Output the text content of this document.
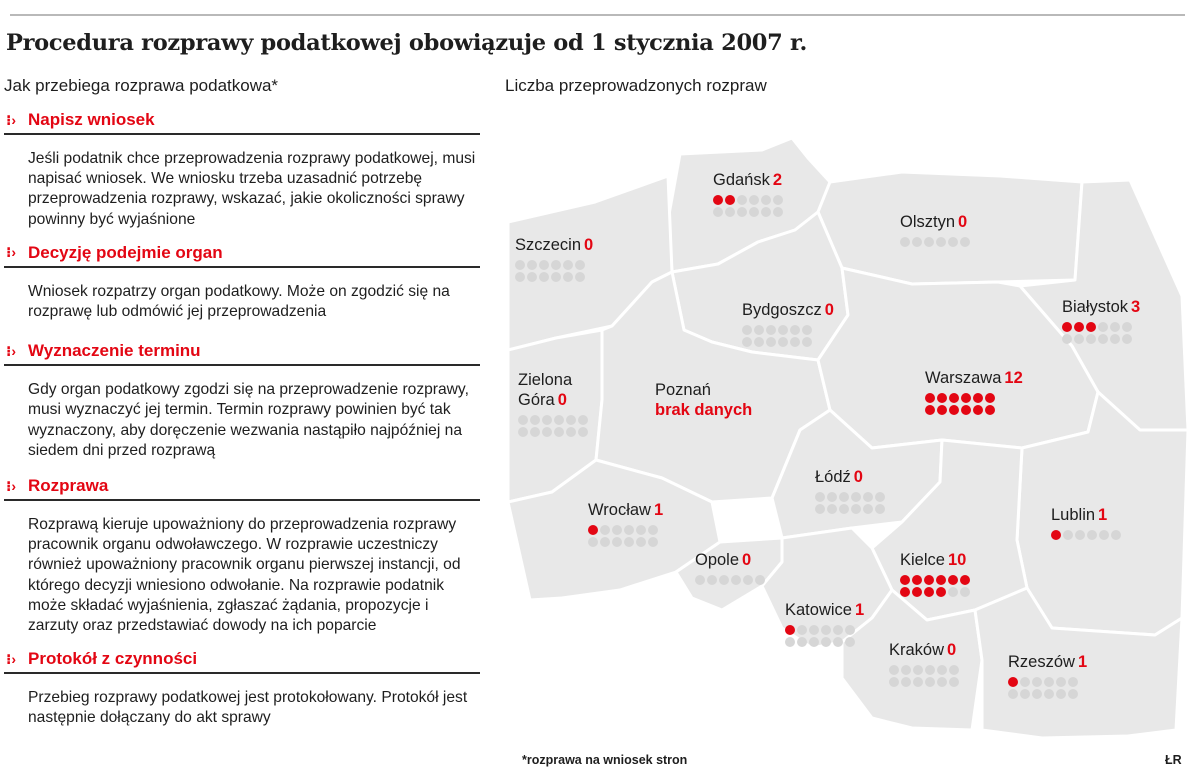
Procedura rozprawy podatkowej obowiązuje od 1 stycznia 2007 r.
Jak przebiega rozprawa podatkowa*	Liczba przeprowadzonych rozpraw
⁝› Napisz wniosek

Jeśli podatnik chce przeprowadzenia rozprawy podatkowej, musi napisać wniosek. We wniosku trzeba uzasadnić potrzebę przeprowadzenia rozprawy, wskazać, jakie okoliczności sprawy powinny być wyjaśnione

⁝› Decyzję podejmie organ

Wniosek rozpatrzy organ podatkowy. Może on zgodzić się na rozprawę lub odmówić jej przeprowadzenia

⁝› Wyznaczenie terminu

Gdy organ podatkowy zgodzi się na przeprowadzenie rozprawy, musi wyznaczyć jej termin. Termin rozprawy powinien być tak wyznaczony, aby doręczenie wezwania nastąpiło najpóźniej na siedem dni przed rozprawą

⁝› Rozprawa

Rozprawą kieruje upoważniony do przeprowadzenia rozprawy pracownik organu odwoławczego. W rozprawie uczestniczy również upoważniony pracownik organu pierwszej instancji, od którego decyzji wniesiono odwołanie. Na rozprawie podatnik może składać wyjaśnienia, zgłaszać żądania, propozycje i zarzuty oraz przedstawiać dowody na ich poparcie

⁝› Protokół z czynności

Przebieg rozprawy podatkowej jest protokołowany. Protokół jest następnie dołączany do akt sprawy

Gdańsk 2
Olsztyn 0
Szczecin 0
Bydgoszcz 0	Białystok 3
Zielona
Góra 0
Poznań
brak danych
Warszawa 12
Łódź 0
Wrocław 1	Lublin 1
Opole 0	Kielce 10
Katowice 1
Kraków 0
Rzeszów 1
*rozprawa na wniosek stron	ŁR
